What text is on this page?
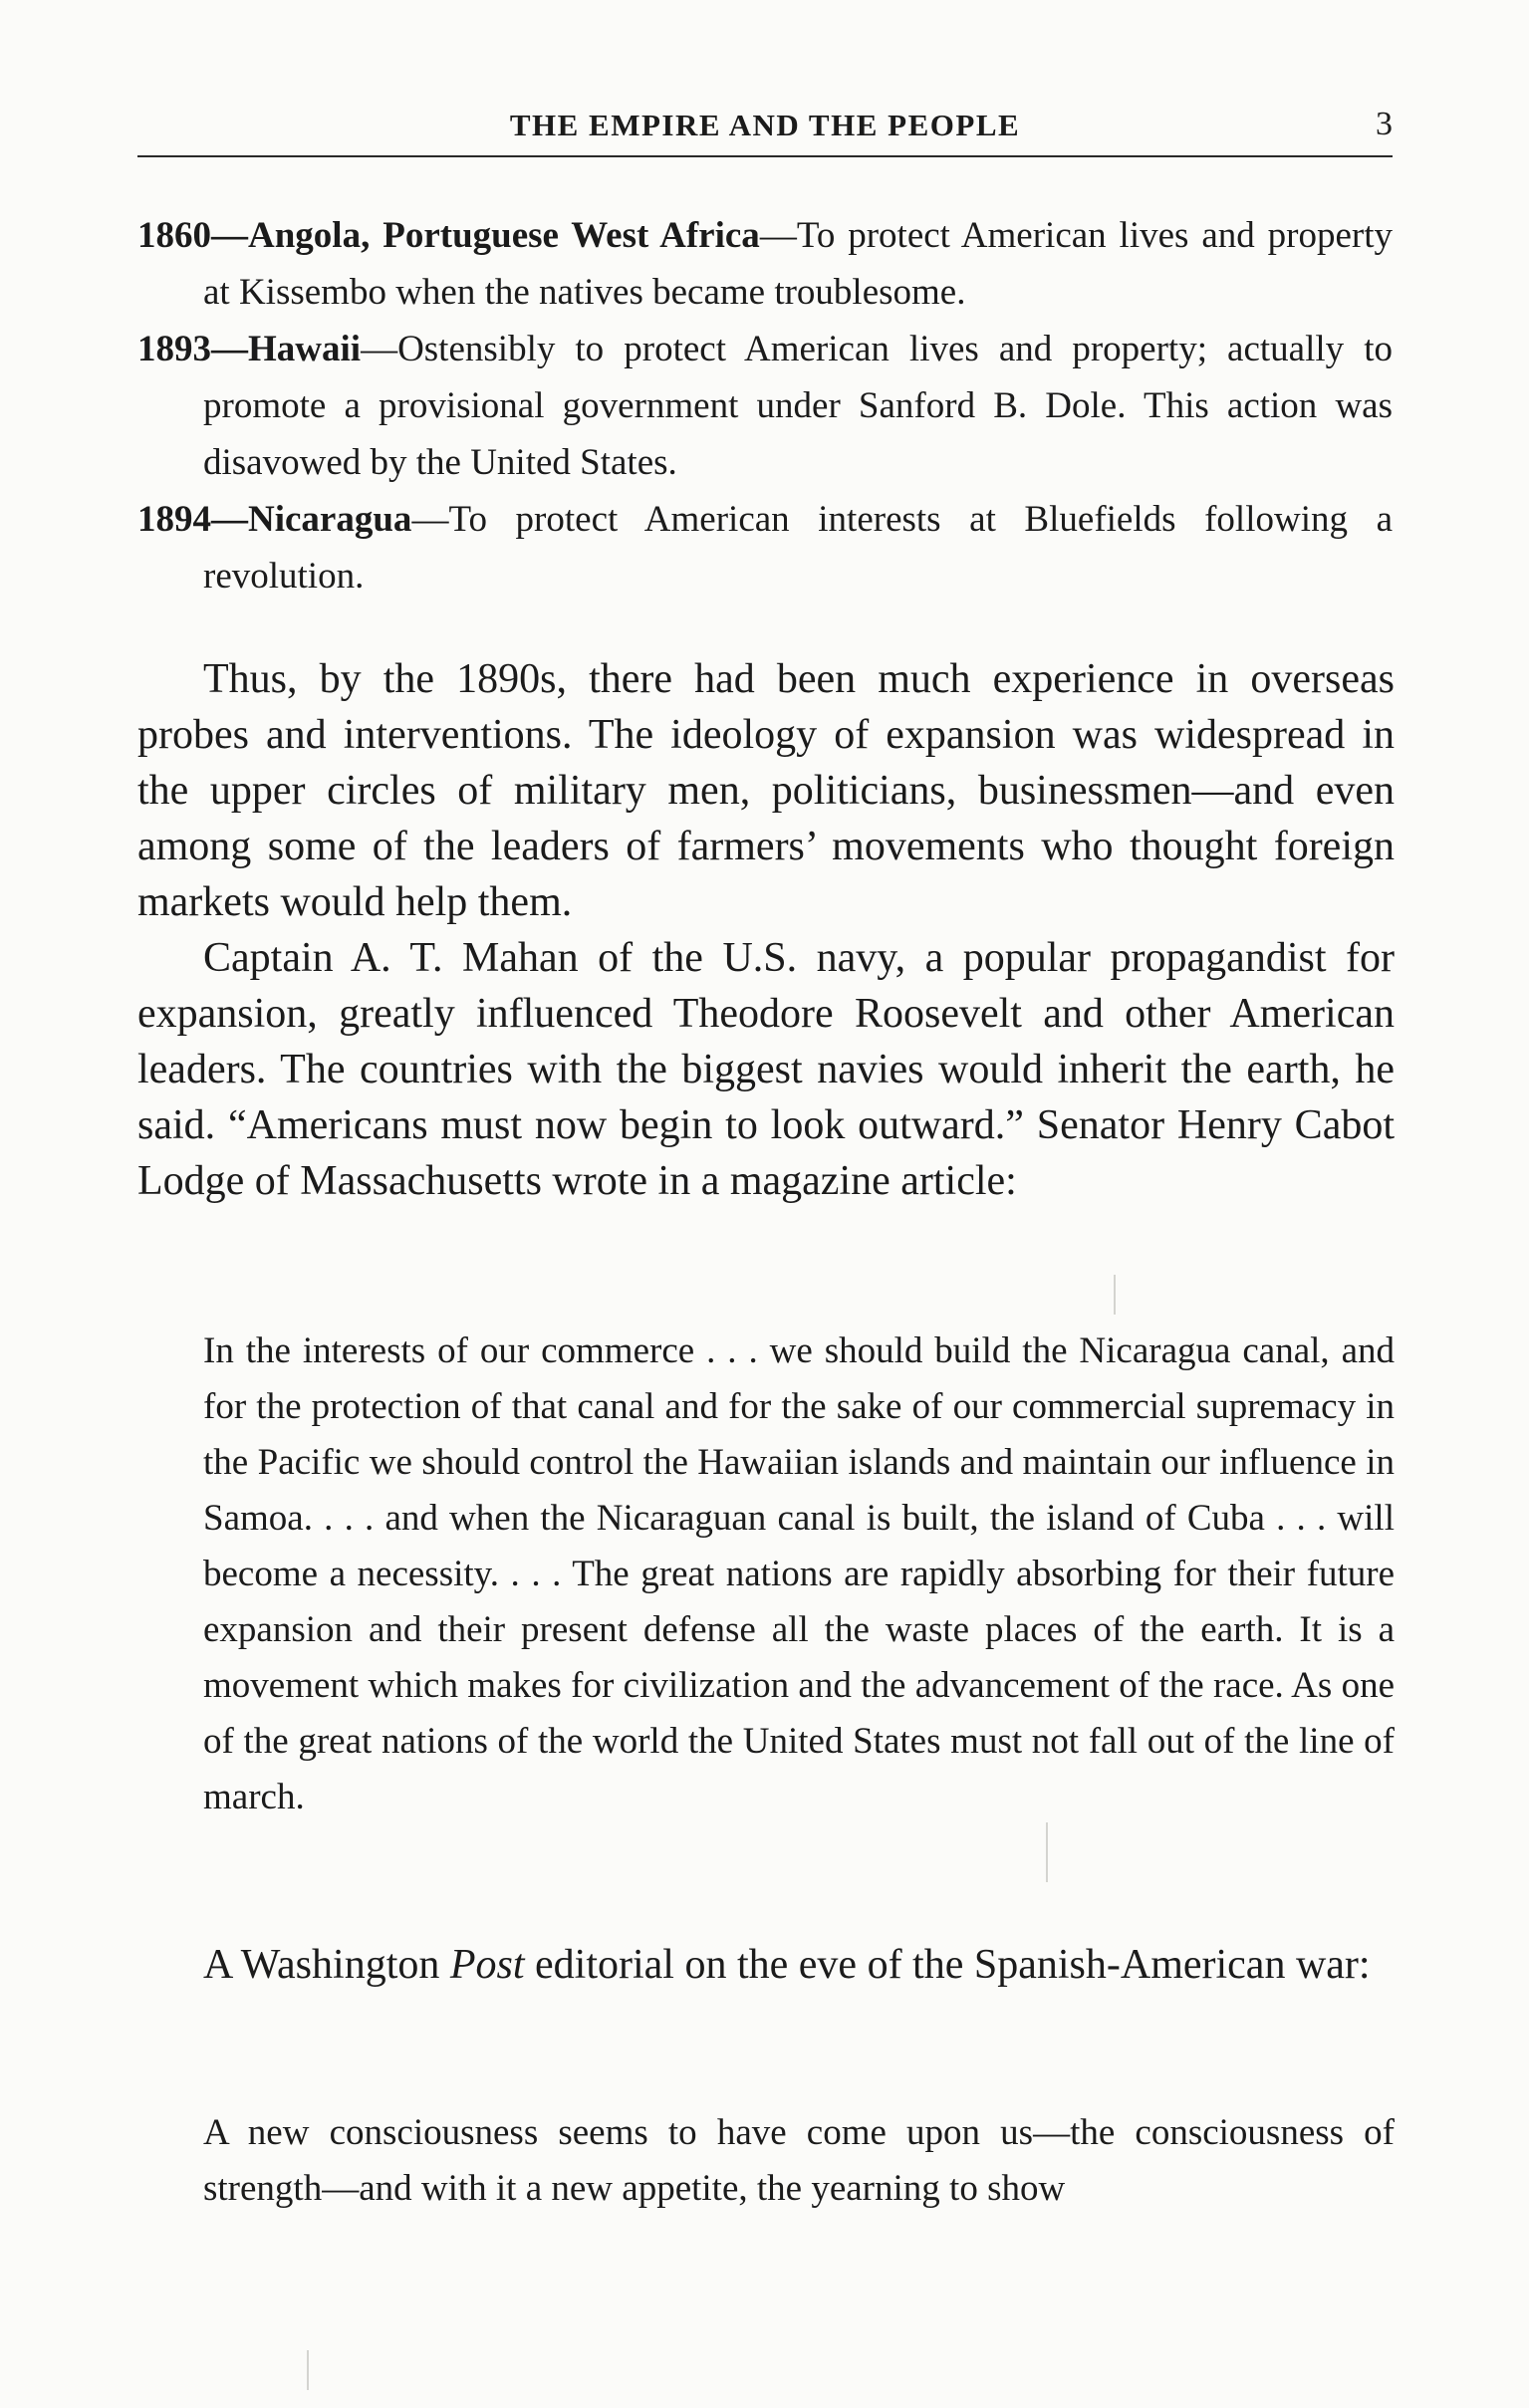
THE EMPIRE AND THE PEOPLE	3

1860—Angola, Portuguese West Africa—To protect American lives and property at Kissembo when the natives became troublesome.

1893—Hawaii—Ostensibly to protect American lives and property; actually to promote a provisional government under Sanford B. Dole. This action was disavowed by the United States.

1894—Nicaragua—To protect American interests at Bluefields following a revolution.

Thus, by the 1890s, there had been much experience in overseas probes and interventions. The ideology of expansion was widespread in the upper circles of military men, politicians, businessmen—and even among some of the leaders of farmers’ movements who thought foreign markets would help them.

Captain A. T. Mahan of the U.S. navy, a popular propagandist for expansion, greatly influenced Theodore Roosevelt and other American leaders. The countries with the biggest navies would inherit the earth, he said. “Americans must now begin to look outward.” Senator Henry Cabot Lodge of Massachusetts wrote in a magazine article:

In the interests of our commerce . . . we should build the Nicaragua canal, and for the protection of that canal and for the sake of our commercial supremacy in the Pacific we should control the Hawaiian islands and maintain our influence in Samoa. . . . and when the Nicaraguan canal is built, the island of Cuba . . . will become a necessity. . . . The great nations are rapidly absorbing for their future expansion and their present defense all the waste places of the earth. It is a movement which makes for civilization and the advancement of the race. As one of the great nations of the world the United States must not fall out of the line of march.

A Washington Post editorial on the eve of the Spanish-American war:

A new consciousness seems to have come upon us—the consciousness of strength—and with it a new appetite, the yearning to show
